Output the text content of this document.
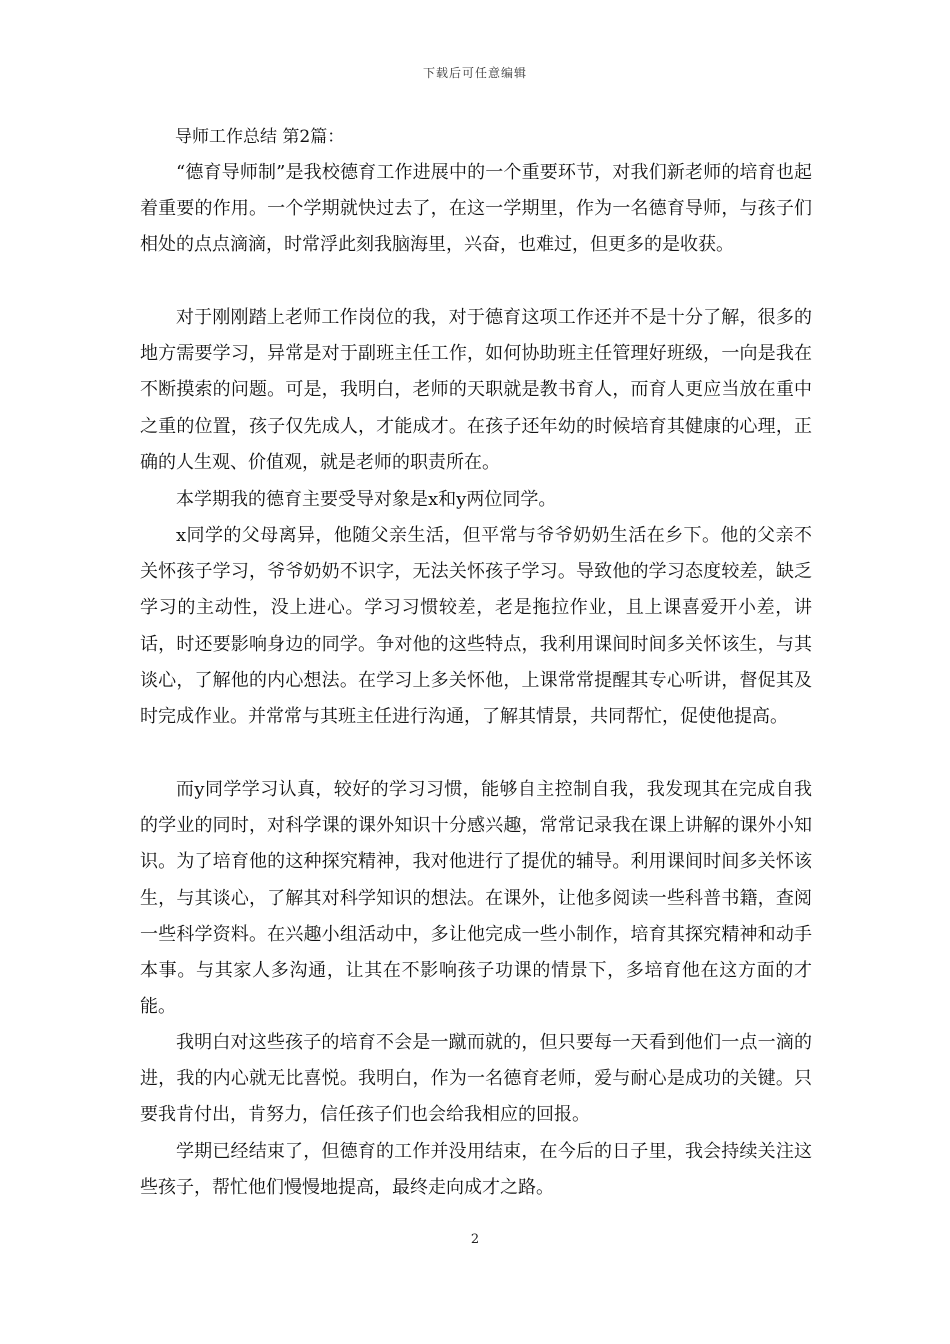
下载后可任意编辑
导师工作总结 第2篇：

“德育导师制”是我校德育工作进展中的一个重要环节，对我们新老师的培育也起着重要的作用。一个学期就快过去了，在这一学期里，作为一名德育导师，与孩子们相处的点点滴滴，时常浮此刻我脑海里，兴奋，也难过，但更多的是收获。

对于刚刚踏上老师工作岗位的我，对于德育这项工作还并不是十分了解，很多的地方需要学习，异常是对于副班主任工作，如何协助班主任管理好班级，一向是我在不断摸索的问题。可是，我明白，老师的天职就是教书育人，而育人更应当放在重中之重的位置，孩子仅先成人，才能成才。在孩子还年幼的时候培育其健康的心理，正确的人生观、价值观，就是老师的职责所在。

本学期我的德育主要受导对象是x和y两位同学。

x同学的父母离异，他随父亲生活，但平常与爷爷奶奶生活在乡下。他的父亲不关怀孩子学习，爷爷奶奶不识字，无法关怀孩子学习。导致他的学习态度较差，缺乏学习的主动性，没上进心。学习习惯较差，老是拖拉作业，且上课喜爱开小差，讲话，时还要影响身边的同学。争对他的这些特点，我利用课间时间多关怀该生，与其谈心，了解他的内心想法。在学习上多关怀他，上课常常提醒其专心听讲，督促其及时完成作业。并常常与其班主任进行沟通，了解其情景，共同帮忙，促使他提高。

而y同学学习认真，较好的学习习惯，能够自主控制自我，我发现其在完成自我的学业的同时，对科学课的课外知识十分感兴趣，常常记录我在课上讲解的课外小知识。为了培育他的这种探究精神，我对他进行了提优的辅导。利用课间时间多关怀该生，与其谈心，了解其对科学知识的想法。在课外，让他多阅读一些科普书籍，查阅一些科学资料。在兴趣小组活动中，多让他完成一些小制作，培育其探究精神和动手本事。与其家人多沟通，让其在不影响孩子功课的情景下，多培育他在这方面的才能。

我明白对这些孩子的培育不会是一蹴而就的，但只要每一天看到他们一点一滴的进，我的内心就无比喜悦。我明白，作为一名德育老师，爱与耐心是成功的关键。只要我肯付出，肯努力，信任孩子们也会给我相应的回报。

学期已经结束了，但德育的工作并没用结束，在今后的日子里，我会持续关注这些孩子，帮忙他们慢慢地提高，最终走向成才之路。

2
